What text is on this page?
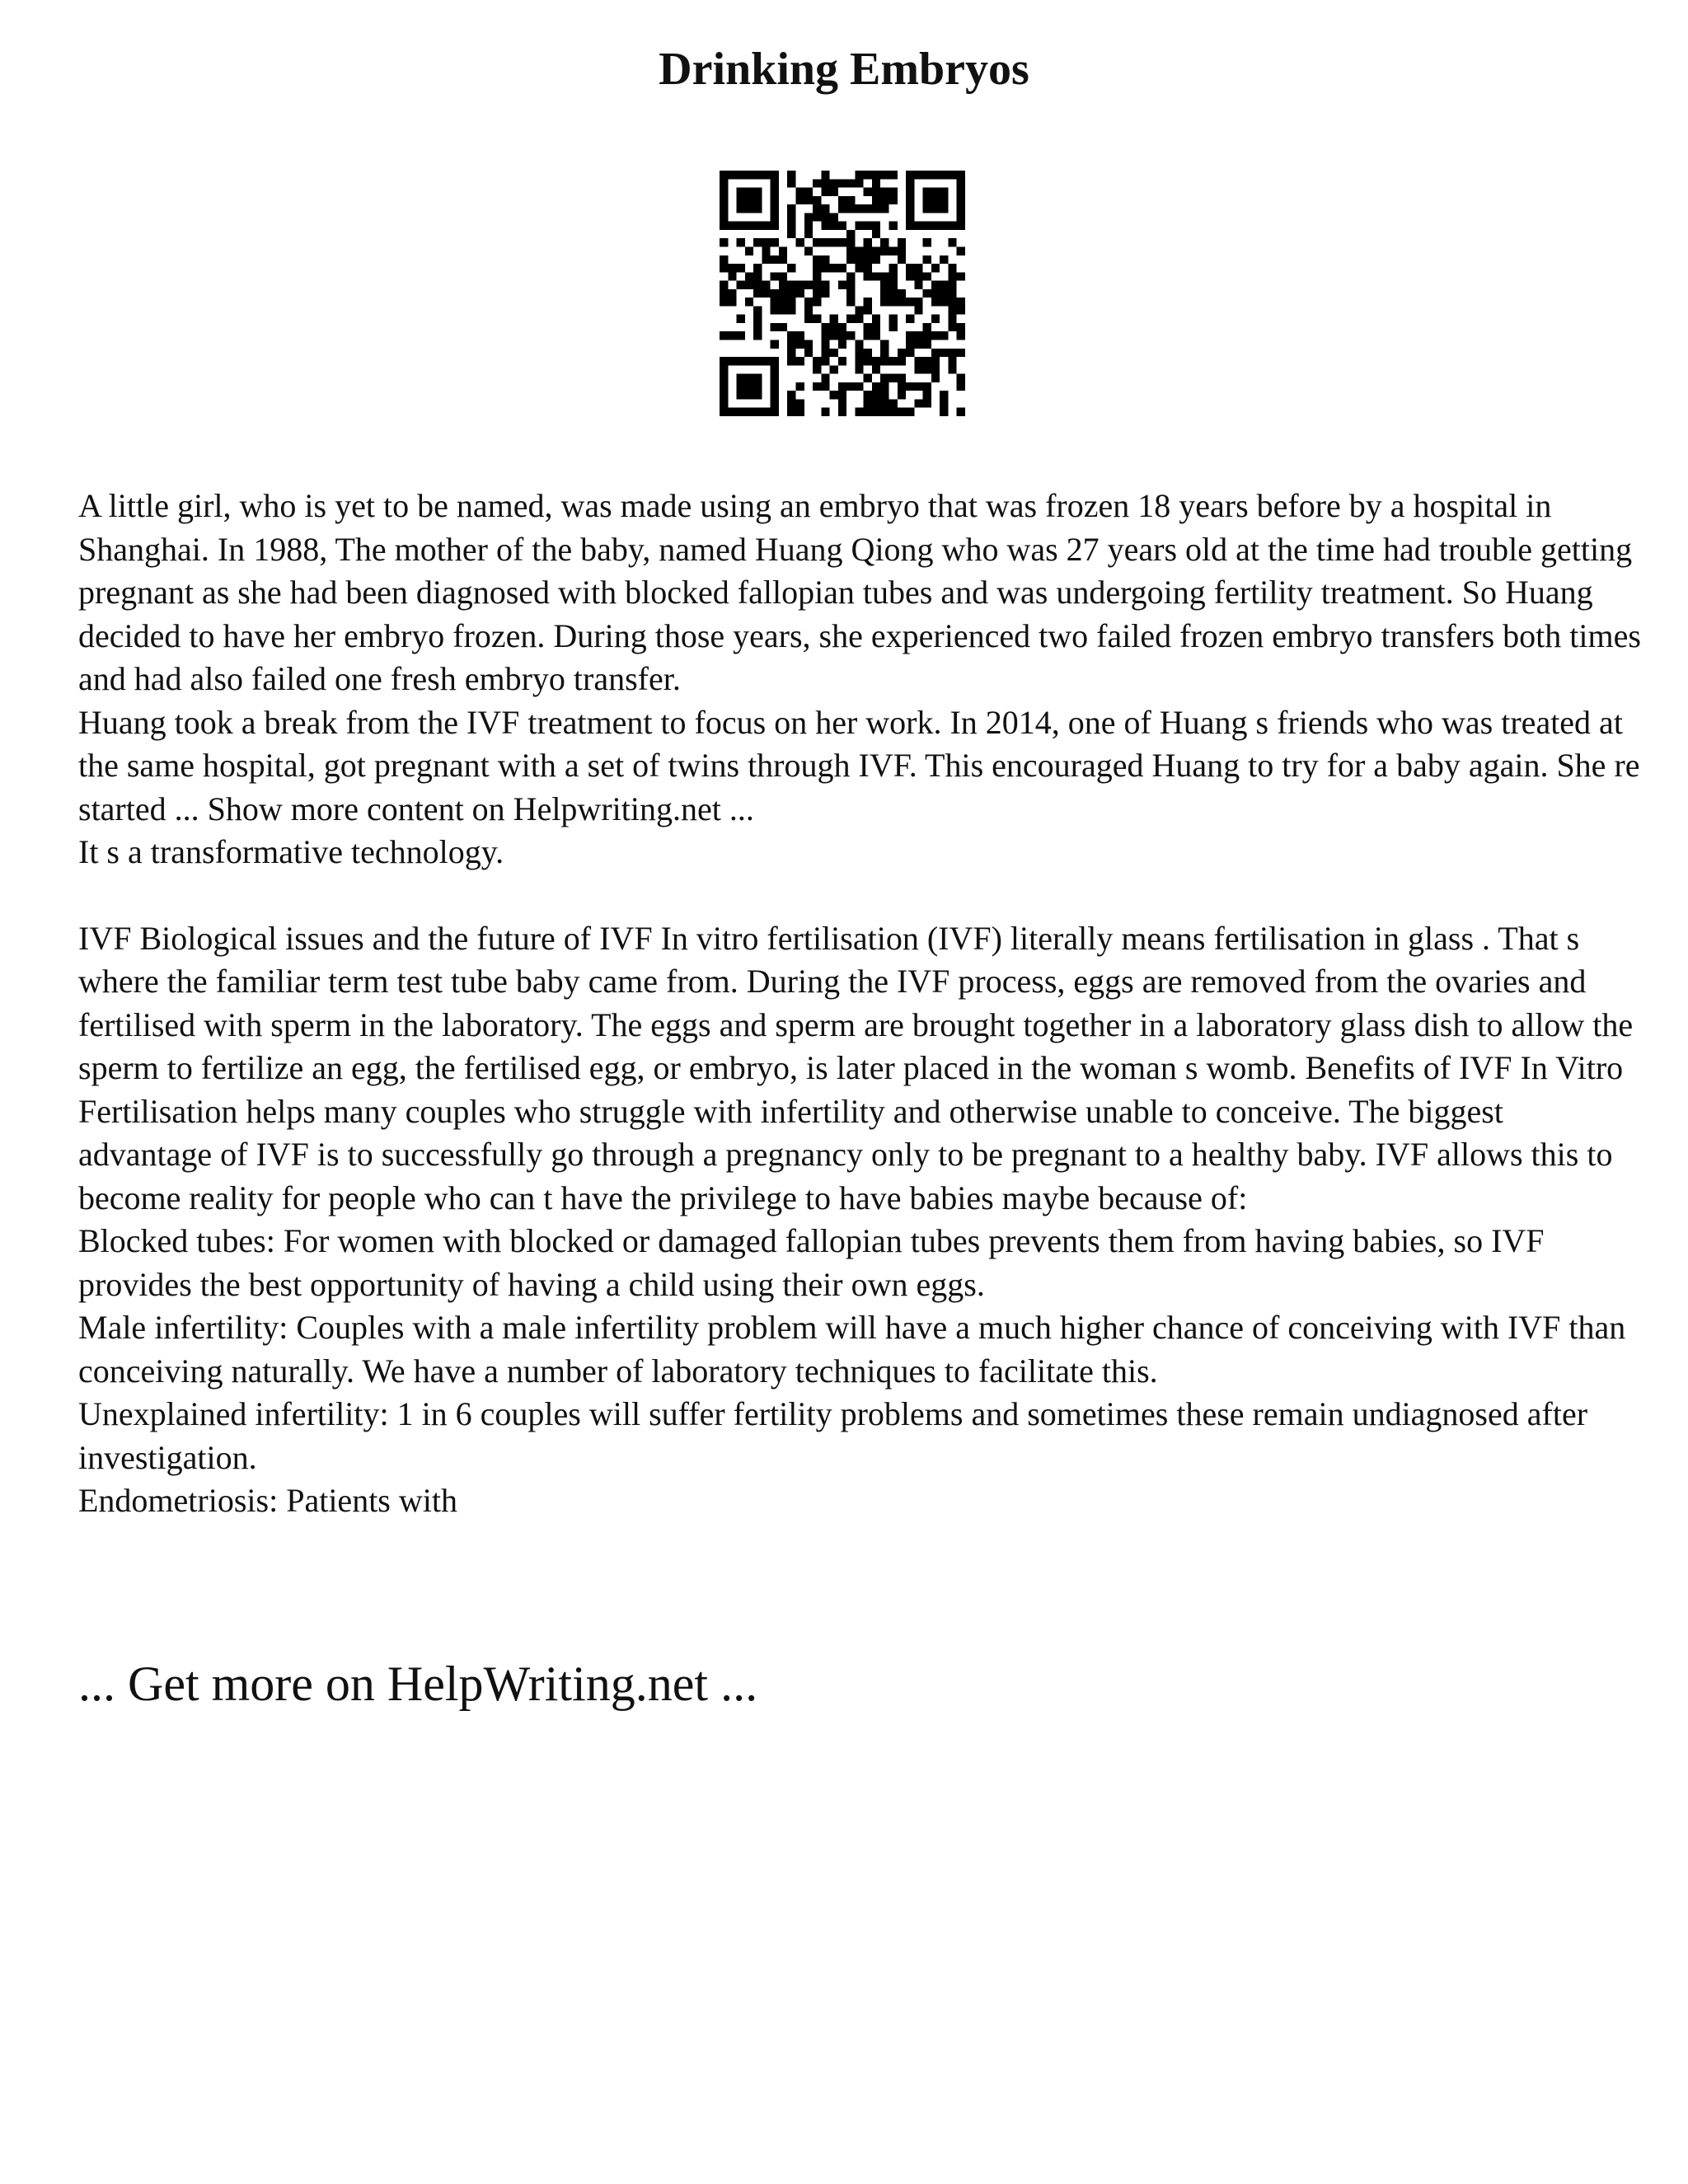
Drinking Embryos

A little girl, who is yet to be named, was made using an embryo that was frozen 18 years before by a hospital in Shanghai. In 1988, The mother of the baby, named Huang Qiong who was 27 years old at the time had trouble getting pregnant as she had been diagnosed with blocked fallopian tubes and was undergoing fertility treatment. So Huang decided to have her embryo frozen. During those years, she experienced two failed frozen embryo transfers both times and had also failed one fresh embryo transfer.

Huang took a break from the IVF treatment to focus on her work. In 2014, one of Huang s friends who was treated at the same hospital, got pregnant with a set of twins through IVF. This encouraged Huang to try for a baby again. She re started ... Show more content on Helpwriting.net ...

It s a transformative technology.

IVF Biological issues and the future of IVF In vitro fertilisation (IVF) literally means fertilisation in glass . That s where the familiar term test tube baby came from. During the IVF process, eggs are removed from the ovaries and fertilised with sperm in the laboratory. The eggs and sperm are brought together in a laboratory glass dish to allow the sperm to fertilize an egg, the fertilised egg, or embryo, is later placed in the woman s womb. Benefits of IVF In Vitro Fertilisation helps many couples who struggle with infertility and otherwise unable to conceive. The biggest advantage of IVF is to successfully go through a pregnancy only to be pregnant to a healthy baby. IVF allows this to become reality for people who can t have the privilege to have babies maybe because of:

Blocked tubes: For women with blocked or damaged fallopian tubes prevents them from having babies, so IVF provides the best opportunity of having a child using their own eggs.

Male infertility: Couples with a male infertility problem will have a much higher chance of conceiving with IVF than conceiving naturally. We have a number of laboratory techniques to facilitate this.

Unexplained infertility: 1 in 6 couples will suffer fertility problems and sometimes these remain undiagnosed after investigation.

Endometriosis: Patients with

... Get more on HelpWriting.net ...
